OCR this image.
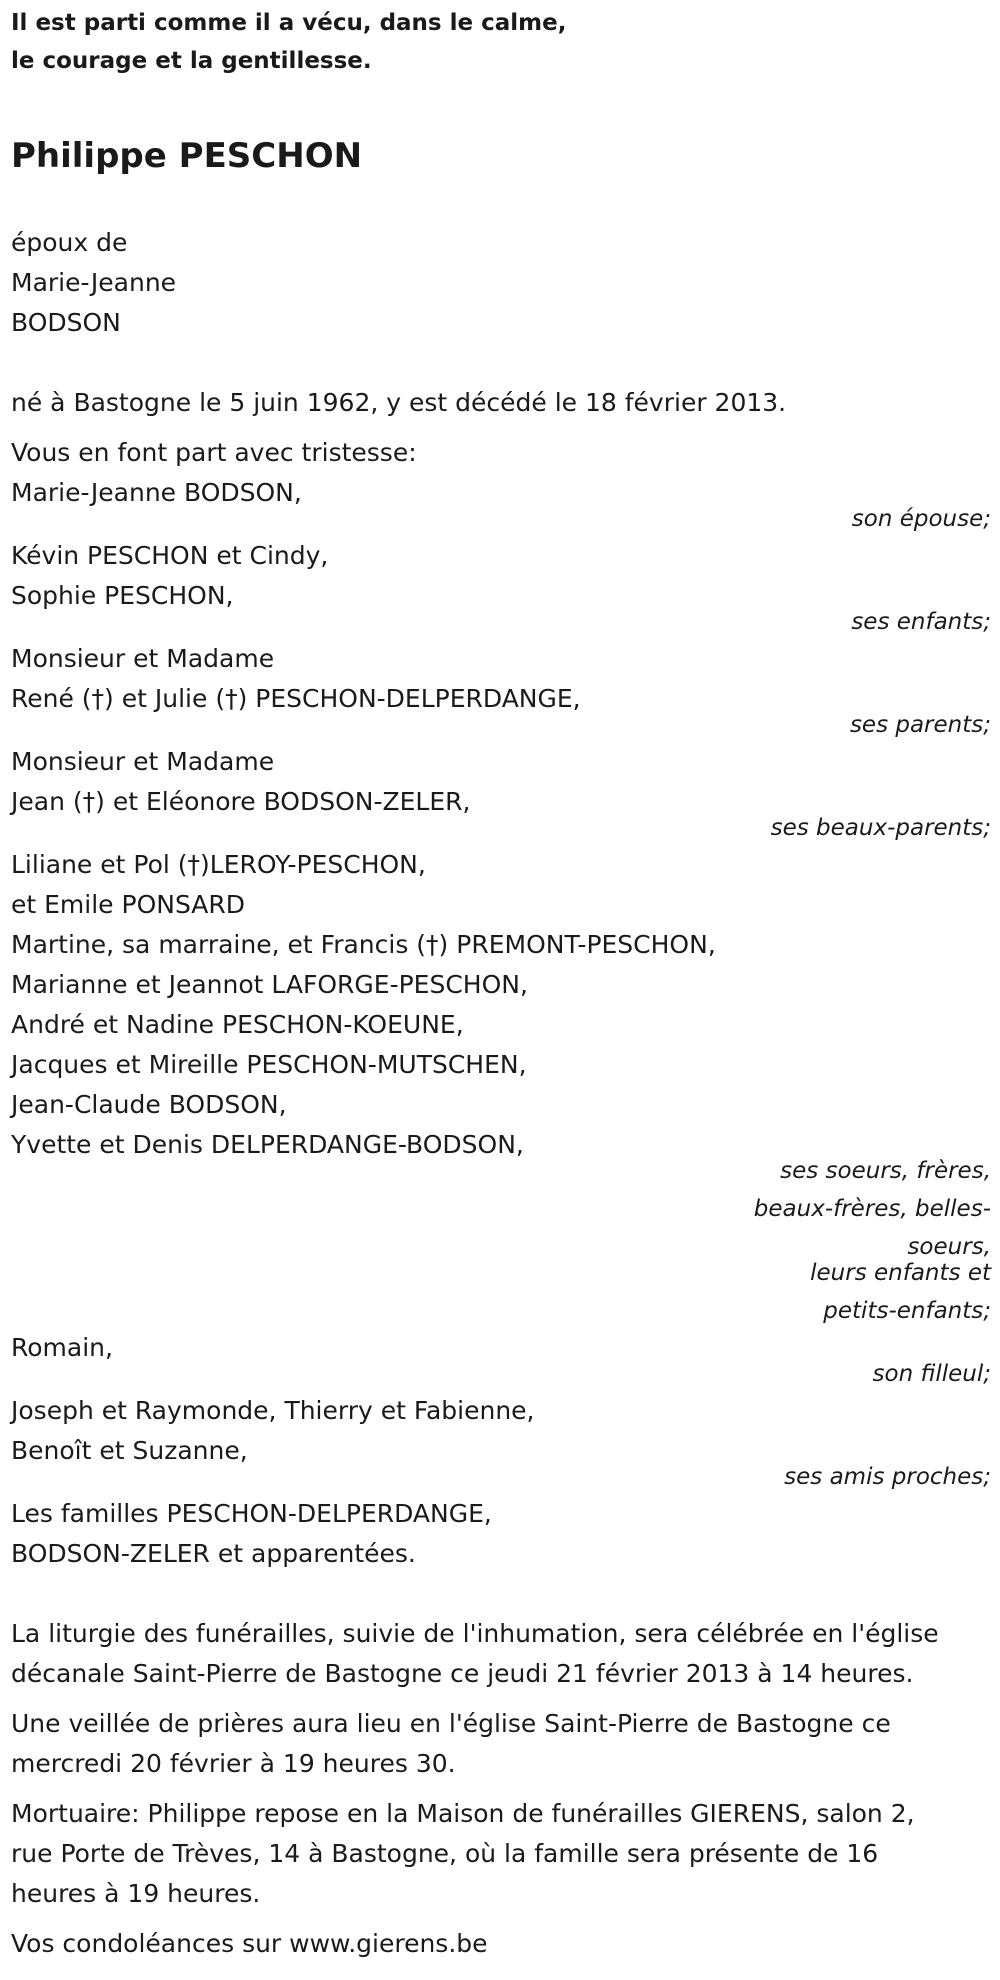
Il est parti comme il a vécu, dans le calme,
le courage et la gentillesse.
Philippe PESCHON
époux de
Marie-Jeanne
BODSON
né à Bastogne le 5 juin 1962, y est décédé le 18 février 2013.
Vous en font part avec tristesse:
Marie-Jeanne BODSON,
son épouse;
Kévin PESCHON et Cindy,
Sophie PESCHON,
ses enfants;
Monsieur et Madame
René (†) et Julie (†) PESCHON-DELPERDANGE,
ses parents;
Monsieur et Madame
Jean (†) et Eléonore BODSON-ZELER,
ses beaux-parents;
Liliane et Pol (†)LEROY-PESCHON,
et Emile PONSARD
Martine, sa marraine, et Francis (†) PREMONT-PESCHON,
Marianne et Jeannot LAFORGE-PESCHON,
André et Nadine PESCHON-KOEUNE,
Jacques et Mireille PESCHON-MUTSCHEN,
Jean-Claude BODSON,
Yvette et Denis DELPERDANGE-BODSON,
ses soeurs, frères,
beaux-frères, belles-
soeurs,
leurs enfants et
petits-enfants;
Romain,
son filleul;
Joseph et Raymonde, Thierry et Fabienne,
Benoît et Suzanne,
ses amis proches;
Les familles PESCHON-DELPERDANGE,
BODSON-ZELER et apparentées.
La liturgie des funérailles, suivie de l'inhumation, sera célébrée en l'église
décanale Saint-Pierre de Bastogne ce jeudi 21 février 2013 à 14 heures.
Une veillée de prières aura lieu en l'église Saint-Pierre de Bastogne ce
mercredi 20 février à 19 heures 30.
Mortuaire: Philippe repose en la Maison de funérailles GIERENS, salon 2,
rue Porte de Trèves, 14 à Bastogne, où la famille sera présente de 16
heures à 19 heures.
Vos condoléances sur www.gierens.be
